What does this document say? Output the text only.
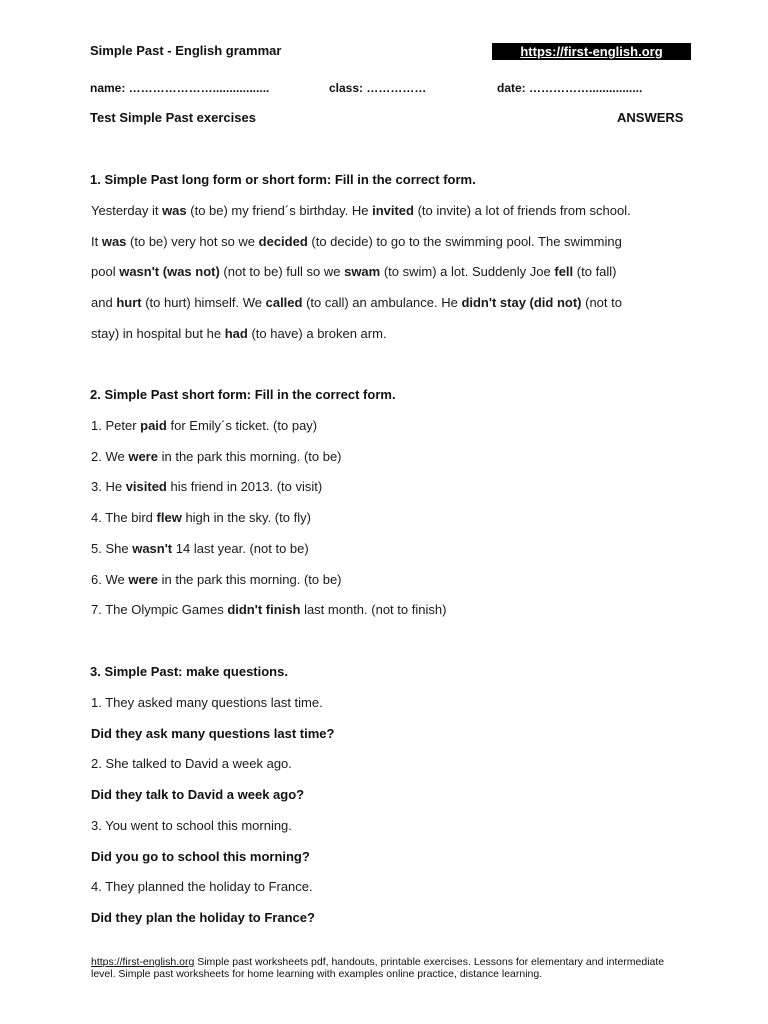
Simple Past - English grammar	https://first-english.org
name: ………………….................	class: ……………	date: ……………................
Test Simple Past exercises	ANSWERS
1. Simple Past long form or short form: Fill in the correct form.
Yesterday it was (to be) my friend´s birthday. He invited (to invite) a lot of friends from school.
It was (to be) very hot so we decided (to decide) to go to the swimming pool. The swimming
pool wasn't (was not) (not to be) full so we swam (to swim) a lot. Suddenly Joe fell (to fall)
and hurt (to hurt) himself. We called (to call) an ambulance. He didn't stay (did not) (not to
stay) in hospital but he had (to have) a broken arm.
2. Simple Past short form: Fill in the correct form.
1. Peter paid for Emily´s ticket. (to pay)
2. We were in the park this morning. (to be)
3. He visited his friend in 2013. (to visit)
4. The bird flew high in the sky. (to fly)
5. She wasn't 14 last year. (not to be)
6. We were in the park this morning. (to be)
7. The Olympic Games didn't finish last month. (not to finish)
3. Simple Past: make questions.
1. They asked many questions last time.
Did they ask many questions last time?
2. She talked to David a week ago.
Did they talk to David a week ago?
3. You went to school this morning.
Did you go to school this morning?
4. They planned the holiday to France.
Did they plan the holiday to France?
https://first-english.org Simple past worksheets pdf, handouts, printable exercises. Lessons for elementary and intermediate level. Simple past worksheets for home learning with examples online practice, distance learning.
